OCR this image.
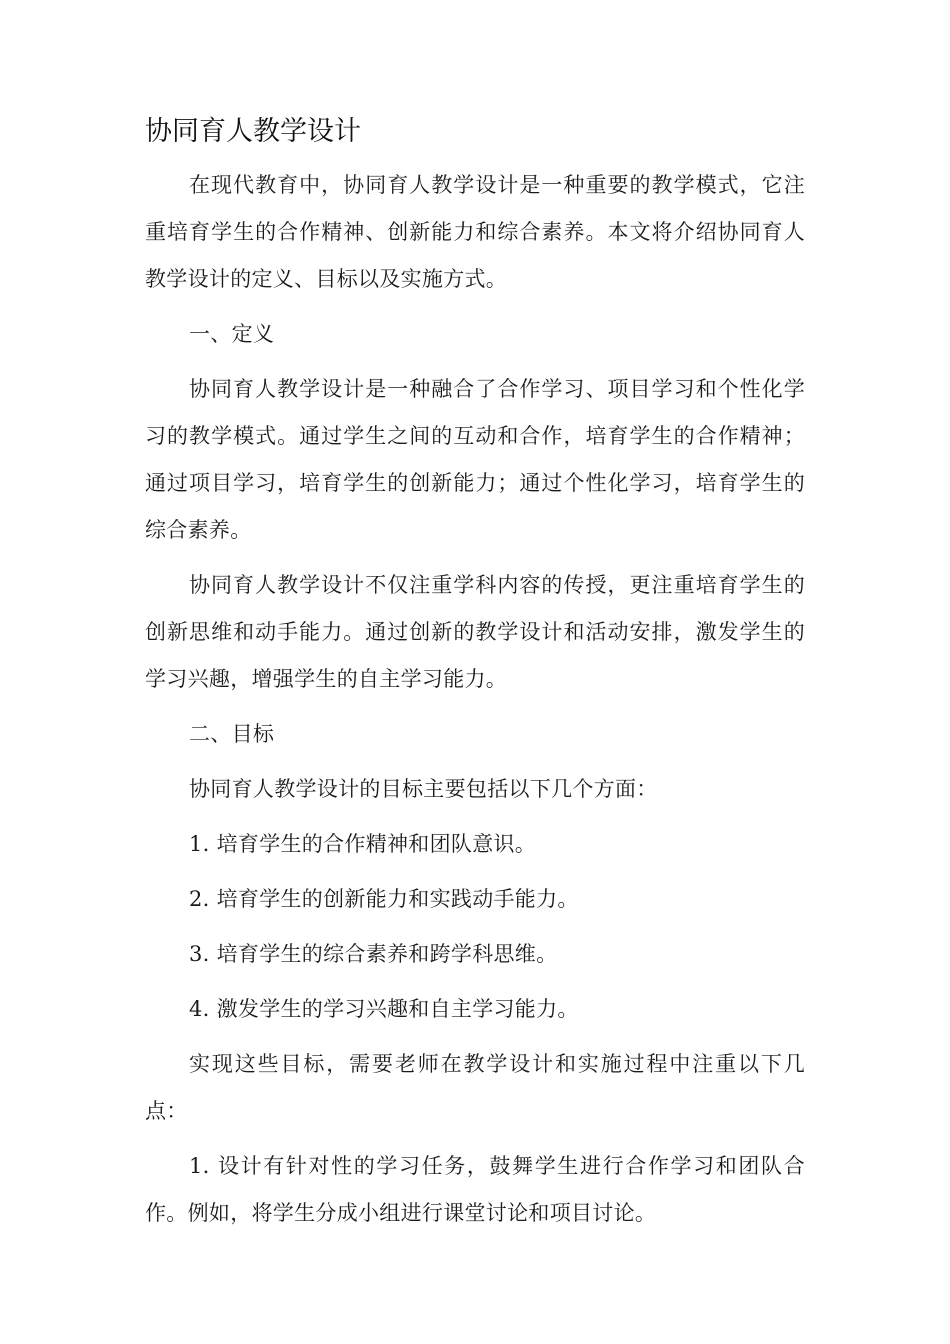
协同育人教学设计

在现代教育中，协同育人教学设计是一种重要的教学模式，它注重培育学生的合作精神、创新能力和综合素养。本文将介绍协同育人教学设计的定义、目标以及实施方式。

一、定义

协同育人教学设计是一种融合了合作学习、项目学习和个性化学习的教学模式。通过学生之间的互动和合作，培育学生的合作精神；通过项目学习，培育学生的创新能力；通过个性化学习，培育学生的综合素养。

协同育人教学设计不仅注重学科内容的传授，更注重培育学生的创新思维和动手能力。通过创新的教学设计和活动安排，激发学生的学习兴趣，增强学生的自主学习能力。

二、目标

协同育人教学设计的目标主要包括以下几个方面：

1. 培育学生的合作精神和团队意识。

2. 培育学生的创新能力和实践动手能力。

3. 培育学生的综合素养和跨学科思维。

4. 激发学生的学习兴趣和自主学习能力。

实现这些目标，需要老师在教学设计和实施过程中注重以下几点：

1. 设计有针对性的学习任务，鼓舞学生进行合作学习和团队合作。例如，将学生分成小组进行课堂讨论和项目讨论。
